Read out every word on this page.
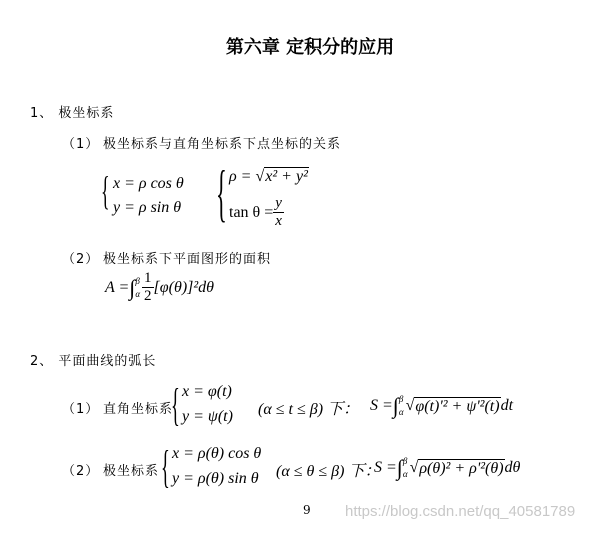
第六章 定积分的应用
1、 极坐标系
（1） 极坐标系与直角坐标系下点坐标的关系
{ x = ρ cos θ
y = ρ sin θ { ρ = √x² + y²
$\tan \theta = \frac{y}{x}$
（2） 极坐标系下平面图形的面积
A = ∫ β
α $\frac{1}{2} [\varphi(\theta)]^2d\theta$
2、 平面曲线的弧长
（1） 直角坐标系
{ x = φ(t)
y = ψ(t) (α ≤ t ≤ β) 下： S = ∫ β
α √ φ(t)'² + ψ'²(t) dt
（2） 极坐标系 { x = ρ(θ) cos θ
y = ρ(θ) sin θ (α ≤ θ ≤ β) 下：
S = ∫ β
α √ ρ(θ)² + ρ'²(θ) dθ
9 https://blog.csdn.net/qq_40581789
